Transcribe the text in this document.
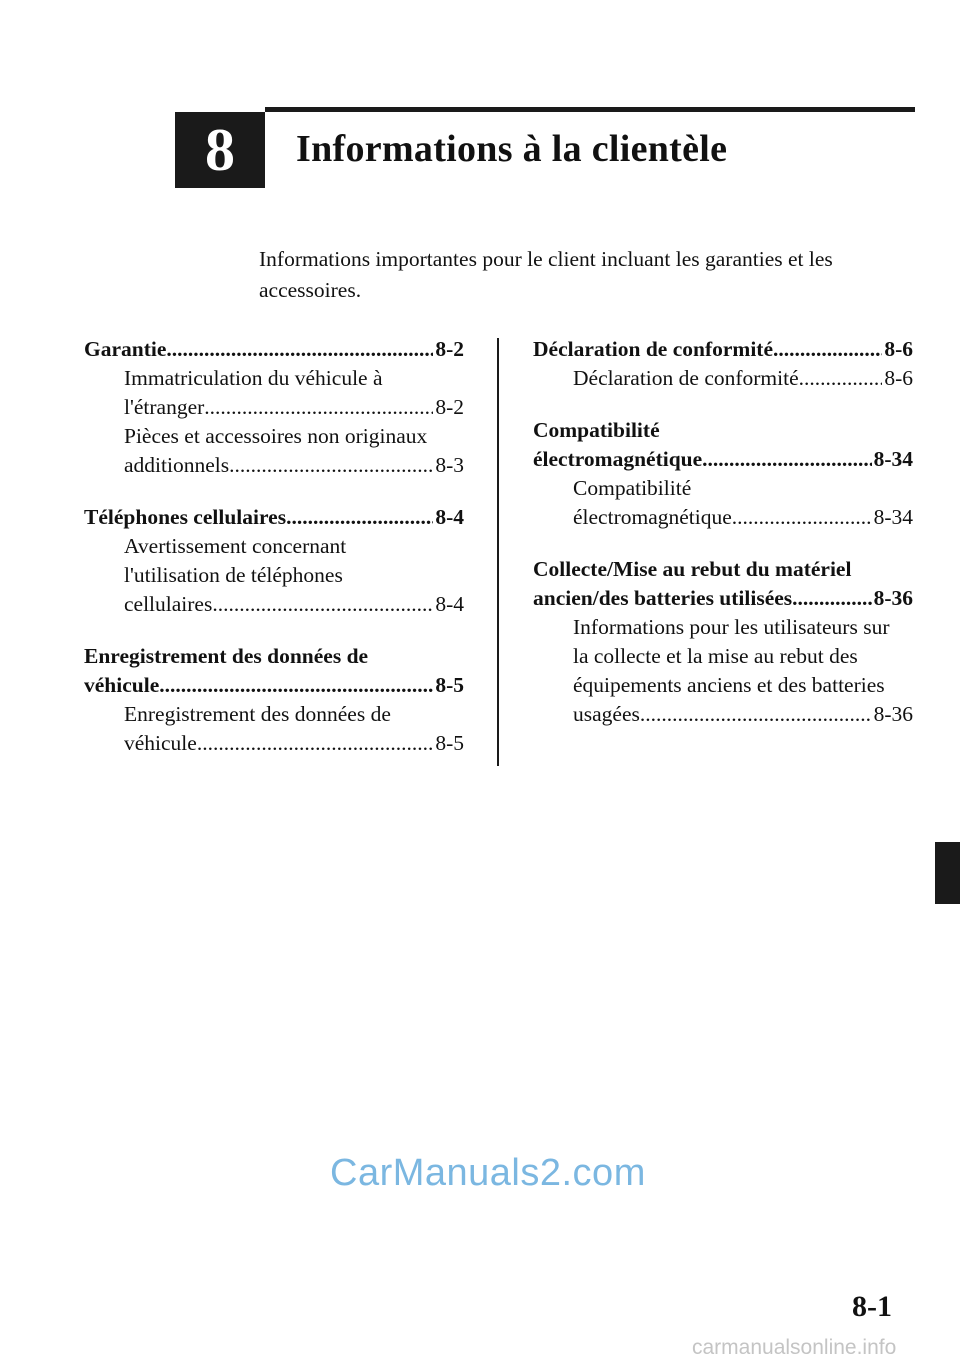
8	Informations à la clientèle
Informations importantes pour le client incluant les garanties et les
accessoires.
Garantie .....	8-2
Immatriculation du véhicule à
l'étranger .....	8-2
Pièces et accessoires non originaux
additionnels .....	8-3
Téléphones cellulaires .....	8-4
Avertissement concernant
l'utilisation de téléphones
cellulaires .....	8-4
Enregistrement des données de
véhicule .....	8-5
Enregistrement des données de
véhicule .....	8-5
Déclaration de conformité .....	8-6
Déclaration de conformité .....	8-6
Compatibilité
électromagnétique .....	8-34
Compatibilité
électromagnétique .....	8-34
Collecte/Mise au rebut du matériel
ancien/des batteries utilisées .....	8-36
Informations pour les utilisateurs sur
la collecte et la mise au rebut des
équipements anciens et des batteries
usagées .....	8-36
CarManuals2.com
8-1
carmanualsonline.info
